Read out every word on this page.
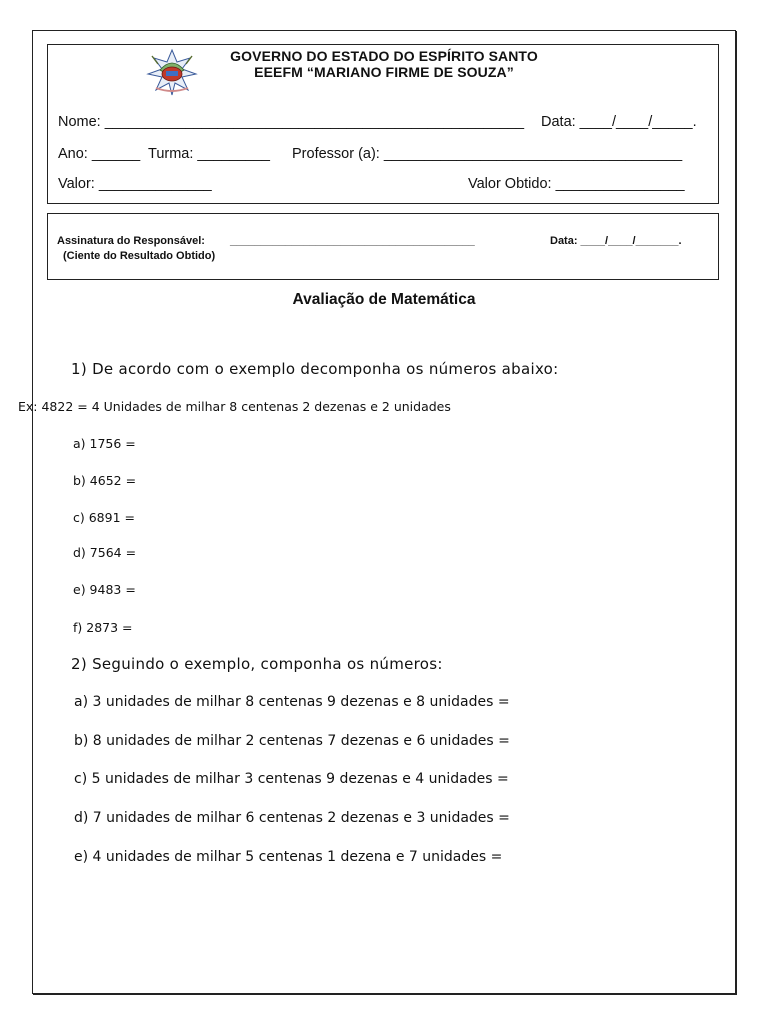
GOVERNO DO ESTADO DO ESPÍRITO SANTO
EEEFM “MARIANO FIRME DE SOUZA”
Nome: ____________________________________________________ Data: ____/____/_____.
Ano: ______ Turma: _________ Professor (a): _____________________________________
Valor: ______________	Valor Obtido: ________________
Assinatura do Responsável: ________________________________________	Data: ____/____/_______.
(Ciente do Resultado Obtido)
Avaliação de Matemática
1) De acordo com o exemplo decomponha os números abaixo:
Ex: 4822 = 4 Unidades de milhar 8 centenas 2 dezenas e 2 unidades
a) 1756 =
b) 4652 =
c) 6891 =
d) 7564 =
e) 9483 =
f) 2873 =
2) Seguindo o exemplo, componha os números:
a) 3 unidades de milhar 8 centenas 9 dezenas e 8 unidades =
b) 8 unidades de milhar 2 centenas 7 dezenas e 6 unidades =
c) 5 unidades de milhar 3 centenas 9 dezenas e 4 unidades =
d) 7 unidades de milhar 6 centenas 2 dezenas e 3 unidades =
e) 4 unidades de milhar 5 centenas 1 dezena e 7 unidades =
